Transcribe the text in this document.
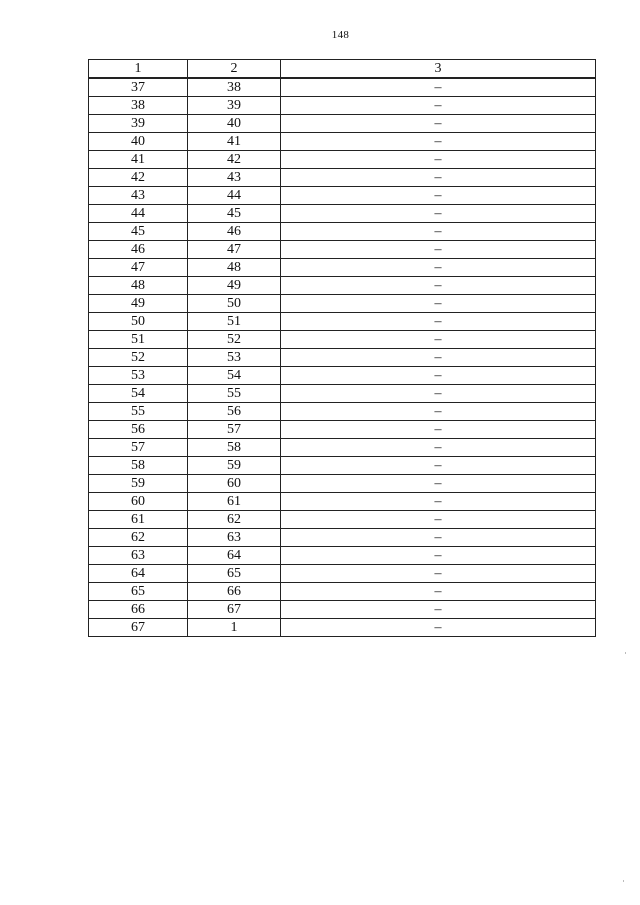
148
1	2	3
37	38	–
38	39	–
39	40	–
40	41	–
41	42	–
42	43	–
43	44	–
44	45	–
45	46	–
46	47	–
47	48	–
48	49	–
49	50	–
50	51	–
51	52	–
52	53	–
53	54	–
54	55	–
55	56	–
56	57	–
57	58	–
58	59	–
59	60	–
60	61	–
61	62	–
62	63	–
63	64	–
64	65	–
65	66	–
66	67	–
67	1	–
